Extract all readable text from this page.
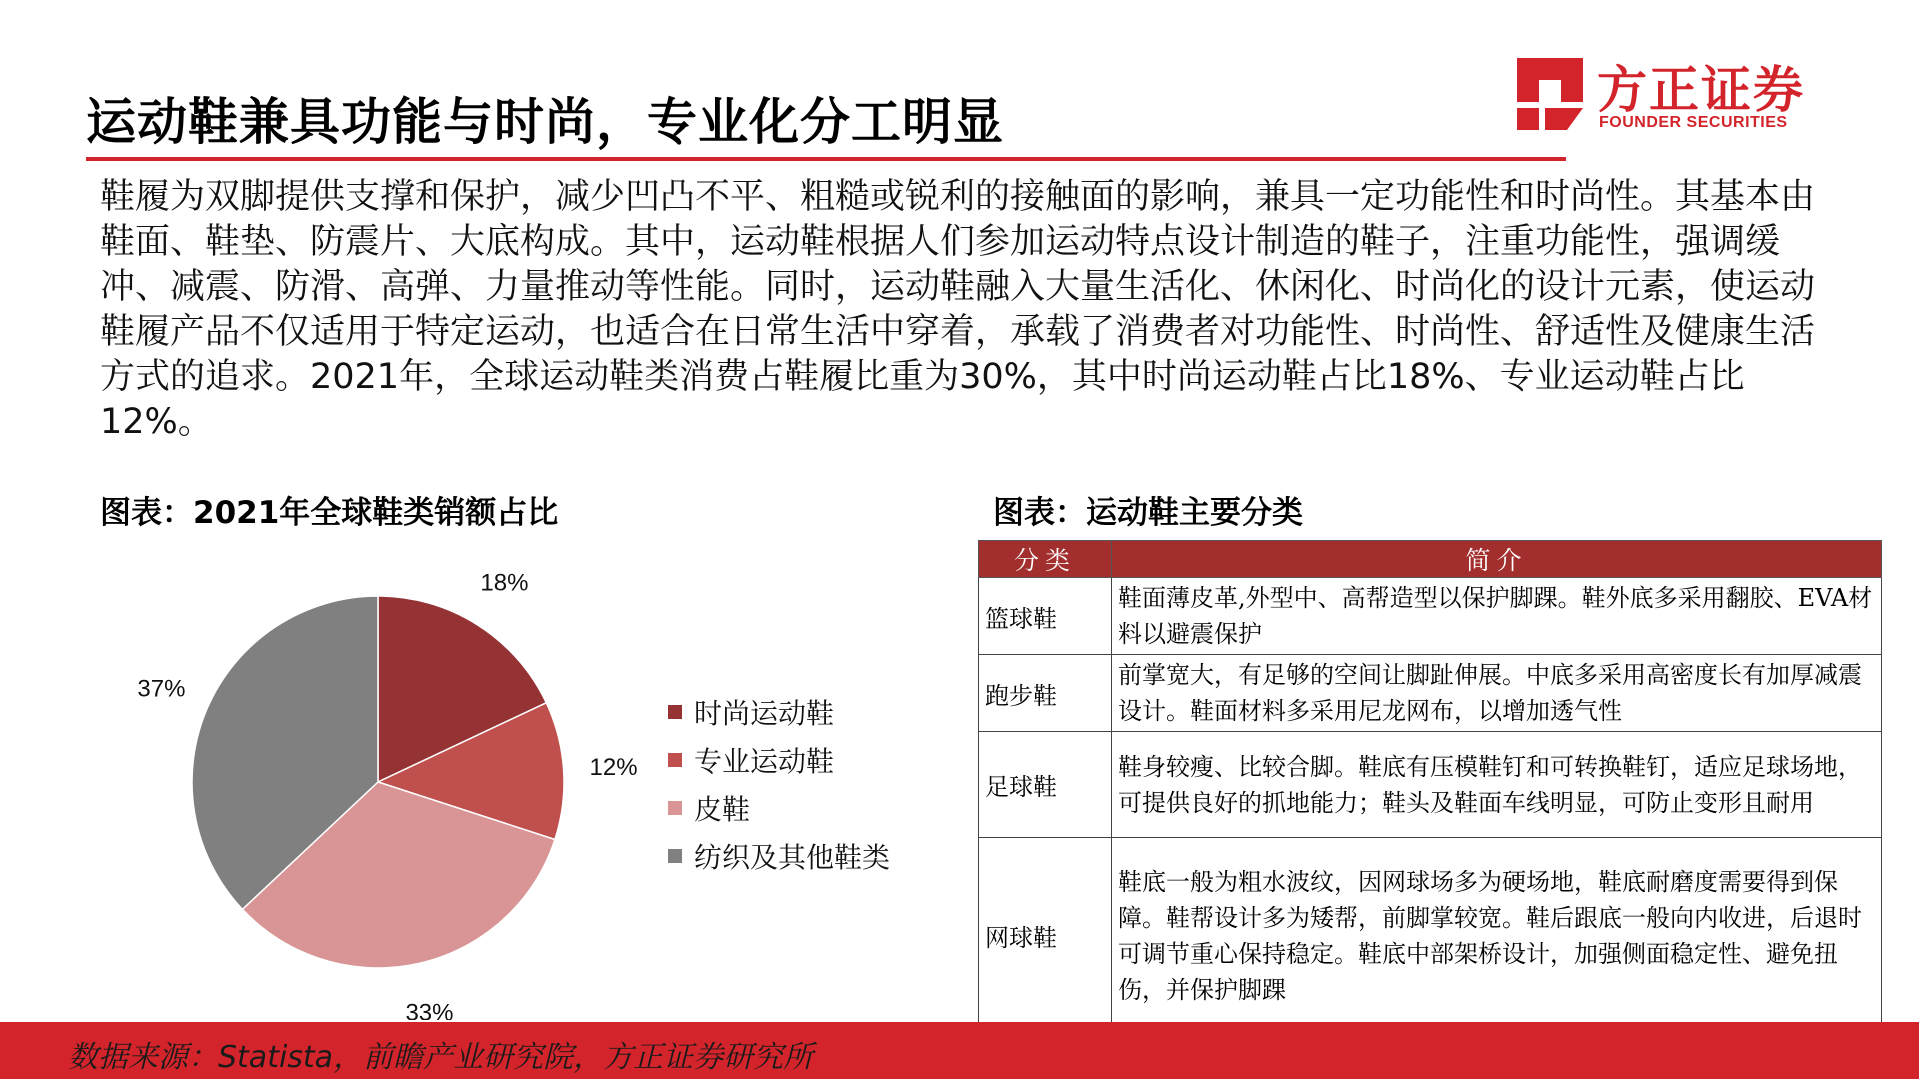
运动鞋兼具功能与时尚，专业化分工明显
方正证券
FOUNDER SECURITIES

鞋履为双脚提供支撑和保护，减少凹凸不平、粗糙或锐利的接触面的影响，兼具一定功能性和时尚性。其基本由鞋面、鞋垫、防震片、大底构成。其中，运动鞋根据人们参加运动特点设计制造的鞋子，注重功能性，强调缓冲、减震、防滑、高弹、力量推动等性能。同时，运动鞋融入大量生活化、休闲化、时尚化的设计元素，使运动鞋履产品不仅适用于特定运动，也适合在日常生活中穿着，承载了消费者对功能性、时尚性、舒适性及健康生活方式的追求。2021年，全球运动鞋类消费占鞋履比重为30%，其中时尚运动鞋占比18%、专业运动鞋占比12%。

图表：2021年全球鞋类销额占比	图表：运动鞋主要分类
18%
12%
33%
37%
时尚运动鞋
专业运动鞋
皮鞋
纺织及其他鞋类
分类	简介
篮球鞋	鞋面薄皮革,外型中、高帮造型以保护脚踝。鞋外底多采用翻胶、EVA材料以避震保护
跑步鞋	前掌宽大，有足够的空间让脚趾伸展。中底多采用高密度长有加厚减震设计。鞋面材料多采用尼龙网布，以增加透气性
足球鞋	鞋身较瘦、比较合脚。鞋底有压模鞋钉和可转换鞋钉，适应足球场地，可提供良好的抓地能力；鞋头及鞋面车线明显，可防止变形且耐用
网球鞋	鞋底一般为粗水波纹，因网球场多为硬场地，鞋底耐磨度需要得到保障。鞋帮设计多为矮帮，前脚掌较宽。鞋后跟底一般向内收进，后退时可调节重心保持稳定。鞋底中部架桥设计，加强侧面稳定性、避免扭伤，并保护脚踝
数据来源：Statista，前瞻产业研究院，方正证券研究所
